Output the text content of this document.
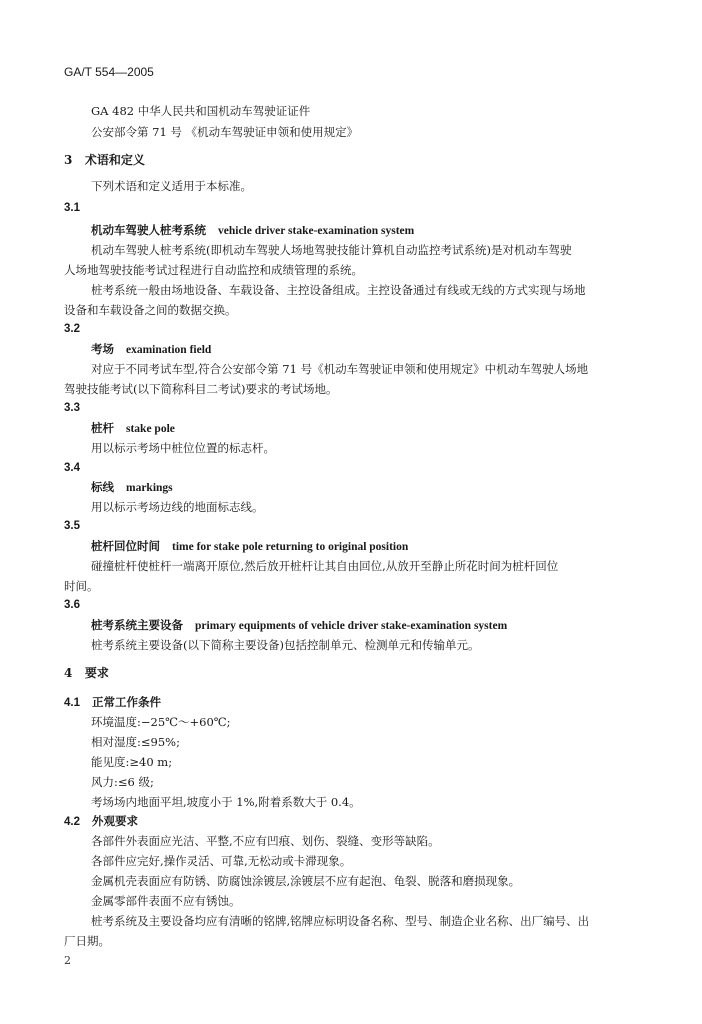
GA/T 554—2005
GA 482 中华人民共和国机动车驾驶证证件
公安部令第 71 号 《机动车驾驶证申领和使用规定》
3 术语和定义
下列术语和定义适用于本标准。
3.1
机动车驾驶人桩考系统 vehicle driver stake-examination system
机动车驾驶人桩考系统(即机动车驾驶人场地驾驶技能计算机自动监控考试系统)是对机动车驾驶
人场地驾驶技能考试过程进行自动监控和成绩管理的系统。
桩考系统一般由场地设备、车载设备、主控设备组成。主控设备通过有线或无线的方式实现与场地
设备和车载设备之间的数据交换。
3.2
考场 examination field
对应于不同考试车型,符合公安部令第 71 号《机动车驾驶证申领和使用规定》中机动车驾驶人场地
驾驶技能考试(以下简称科目二考试)要求的考试场地。
3.3
桩杆 stake pole
用以标示考场中桩位位置的标志杆。
3.4
标线 markings
用以标示考场边线的地面标志线。
3.5
桩杆回位时间 time for stake pole returning to original position
碰撞桩杆使桩杆一端离开原位,然后放开桩杆让其自由回位,从放开至静止所花时间为桩杆回位
时间。
3.6
桩考系统主要设备 primary equipments of vehicle driver stake-examination system
桩考系统主要设备(以下简称主要设备)包括控制单元、检测单元和传输单元。
4 要求
4.1 正常工作条件
环境温度:−25℃～+60℃;
相对湿度:≤95%;
能见度:≥40 m;
风力:≤6 级;
考场场内地面平坦,坡度小于 1%,附着系数大于 0.4。
4.2 外观要求
各部件外表面应光洁、平整,不应有凹痕、划伤、裂缝、变形等缺陷。
各部件应完好,操作灵活、可靠,无松动或卡滞现象。
金属机壳表面应有防锈、防腐蚀涂镀层,涂镀层不应有起泡、龟裂、脱落和磨损现象。
金属零部件表面不应有锈蚀。
桩考系统及主要设备均应有清晰的铭牌,铭牌应标明设备名称、型号、制造企业名称、出厂编号、出
厂日期。
2
